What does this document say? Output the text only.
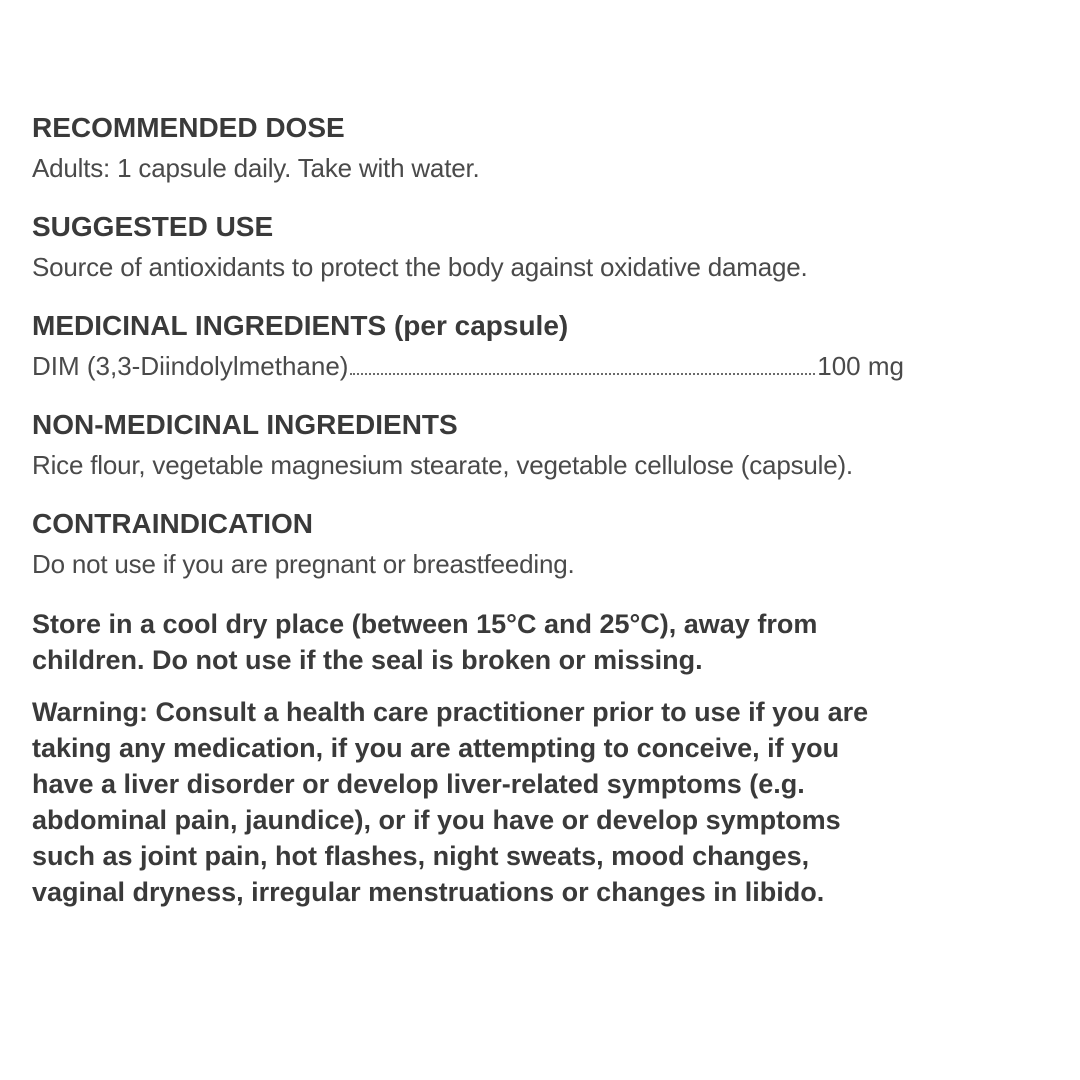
RECOMMENDED DOSE
Adults: 1 capsule daily. Take with water.
SUGGESTED USE
Source of antioxidants to protect the body against oxidative damage.
MEDICINAL INGREDIENTS (per capsule)
DIM (3,3-Diindolylmethane)	100 mg
NON-MEDICINAL INGREDIENTS
Rice flour, vegetable magnesium stearate, vegetable cellulose (capsule).
CONTRAINDICATION
Do not use if you are pregnant or breastfeeding.
Store in a cool dry place (between 15°C and 25°C), away from
children. Do not use if the seal is broken or missing.
Warning: Consult a health care practitioner prior to use if you are
taking any medication, if you are attempting to conceive, if you
have a liver disorder or develop liver-related symptoms (e.g.
abdominal pain, jaundice), or if you have or develop symptoms
such as joint pain, hot flashes, night sweats, mood changes,
vaginal dryness, irregular menstruations or changes in libido.
